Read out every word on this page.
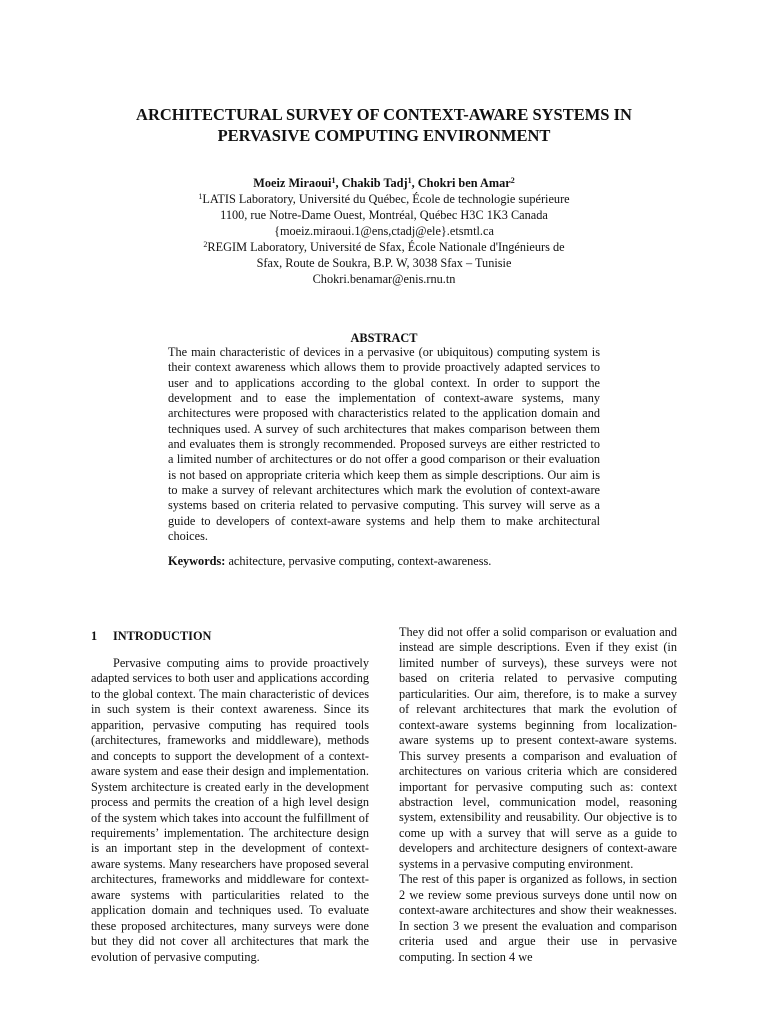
ARCHITECTURAL SURVEY OF CONTEXT-AWARE SYSTEMS IN
PERVASIVE COMPUTING ENVIRONMENT
Moeiz Miraoui$^1$, Chakib Tadj$^1$, Chokri ben Amar$^2$
$^1$LATIS Laboratory, Université du Québec, École de technologie supérieure
1100, rue Notre-Dame Ouest, Montréal, Québec H3C 1K3 Canada
{moeiz.miraoui.1@ens,ctadj@ele}.etsmtl.ca
$^2$REGIM Laboratory, Université de Sfax, École Nationale d'Ingénieurs de
Sfax, Route de Soukra, B.P. W, 3038 Sfax – Tunisie
Chokri.benamar@enis.rnu.tn
ABSTRACT

The main characteristic of devices in a pervasive (or ubiquitous) computing system is their context awareness which allows them to provide proactively adapted services to user and to applications according to the global context. In order to support the development and to ease the implementation of context-aware systems, many architectures were proposed with characteristics related to the application domain and techniques used. A survey of such architectures that makes comparison between them and evaluates them is strongly recommended. Proposed surveys are either restricted to a limited number of architectures or do not offer a good comparison or their evaluation is not based on appropriate criteria which keep them as simple descriptions. Our aim is to make a survey of relevant architectures which mark the evolution of context-aware systems based on criteria related to pervasive computing. This survey will serve as a guide to developers of context-aware systems and help them to make architectural choices.

Keywords: achitecture, pervasive computing, context-awareness.

1 INTRODUCTION

Pervasive computing aims to provide proactively adapted services to both user and applications according to the global context. The main characteristic of devices in such system is their context awareness. Since its apparition, pervasive computing has required tools (architectures, frameworks and middleware), methods and concepts to support the development of a context-aware system and ease their design and implementation. System architecture is created early in the development process and permits the creation of a high level design of the system which takes into account the fulfillment of requirements’ implementation. The architecture design is an important step in the development of context-aware systems. Many researchers have proposed several architectures, frameworks and middleware for context-aware systems with particularities related to the application domain and techniques used. To evaluate these proposed architectures, many surveys were done but they did not cover all architectures that mark the evolution of pervasive computing.

They did not offer a solid comparison or evaluation and instead are simple descriptions. Even if they exist (in limited number of surveys), these surveys were not based on criteria related to pervasive computing particularities. Our aim, therefore, is to make a survey of relevant architectures that mark the evolution of context-aware systems beginning from localization-aware systems up to present context-aware systems. This survey presents a comparison and evaluation of architectures on various criteria which are considered important for pervasive computing such as: context abstraction level, communication model, reasoning system, extensibility and reusability. Our objective is to come up with a survey that will serve as a guide to developers and architecture designers of context-aware systems in a pervasive computing environment.

The rest of this paper is organized as follows, in section 2 we review some previous surveys done until now on context-aware architectures and show their weaknesses. In section 3 we present the evaluation and comparison criteria used and argue their use in pervasive computing. In section 4 we
